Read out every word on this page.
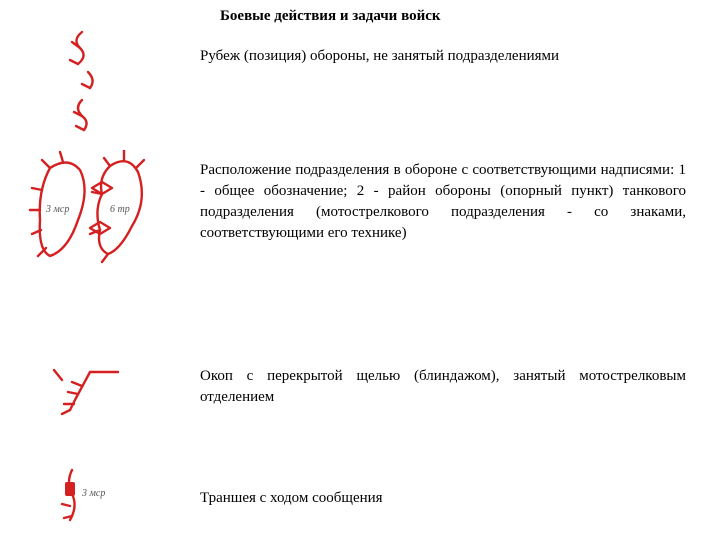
Боевые действия и задачи войск
3 мср	6 тр
3 мср
Рубеж (позиция) обороны, не занятый подразделениями
Расположение подразделения в обороне с соответствующими надписями: 1 - общее обозначение; 2 - район обороны (опорный пункт) танкового подразделения (мотострелкового подразделения - со знаками, соответствующими его технике)
Окоп с перекрытой щелью (блиндажом), занятый мотострелковым отделением
Траншея с ходом сообщения
